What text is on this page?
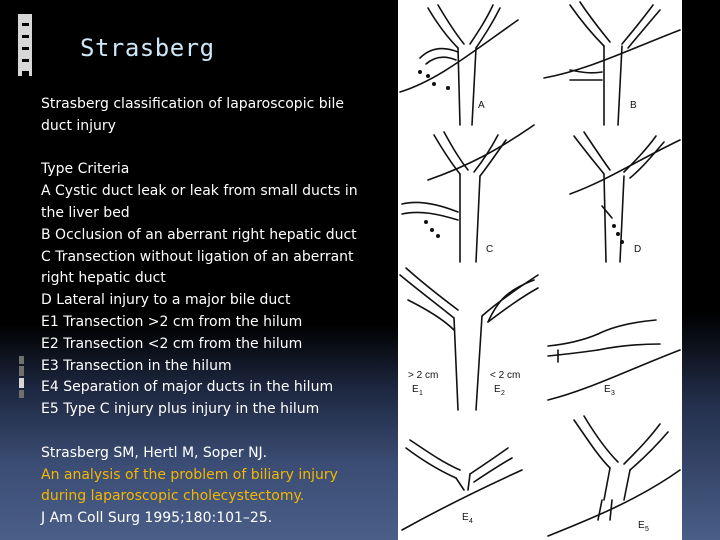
Strasberg
Strasberg classification of laparoscopic bile
duct injury
Type Criteria
A Cystic duct leak or leak from small ducts in
the liver bed
B Occlusion of an aberrant right hepatic duct
C Transection without ligation of an aberrant
right hepatic duct
D Lateral injury to a major bile duct
E1 Transection >2 cm from the hilum
E2 Transection <2 cm from the hilum
E3 Transection in the hilum
E4 Separation of major ducts in the hilum
E5 Type C injury plus injury in the hilum
Strasberg SM, Hertl M, Soper NJ.
An analysis of the problem of biliary injury
during laparoscopic cholecystectomy.
J Am Coll Surg 1995;180:101–25.
A	B
C	D
> 2 cm
E 1
< 2 cm
E 2	E 3
E 4	E 5
